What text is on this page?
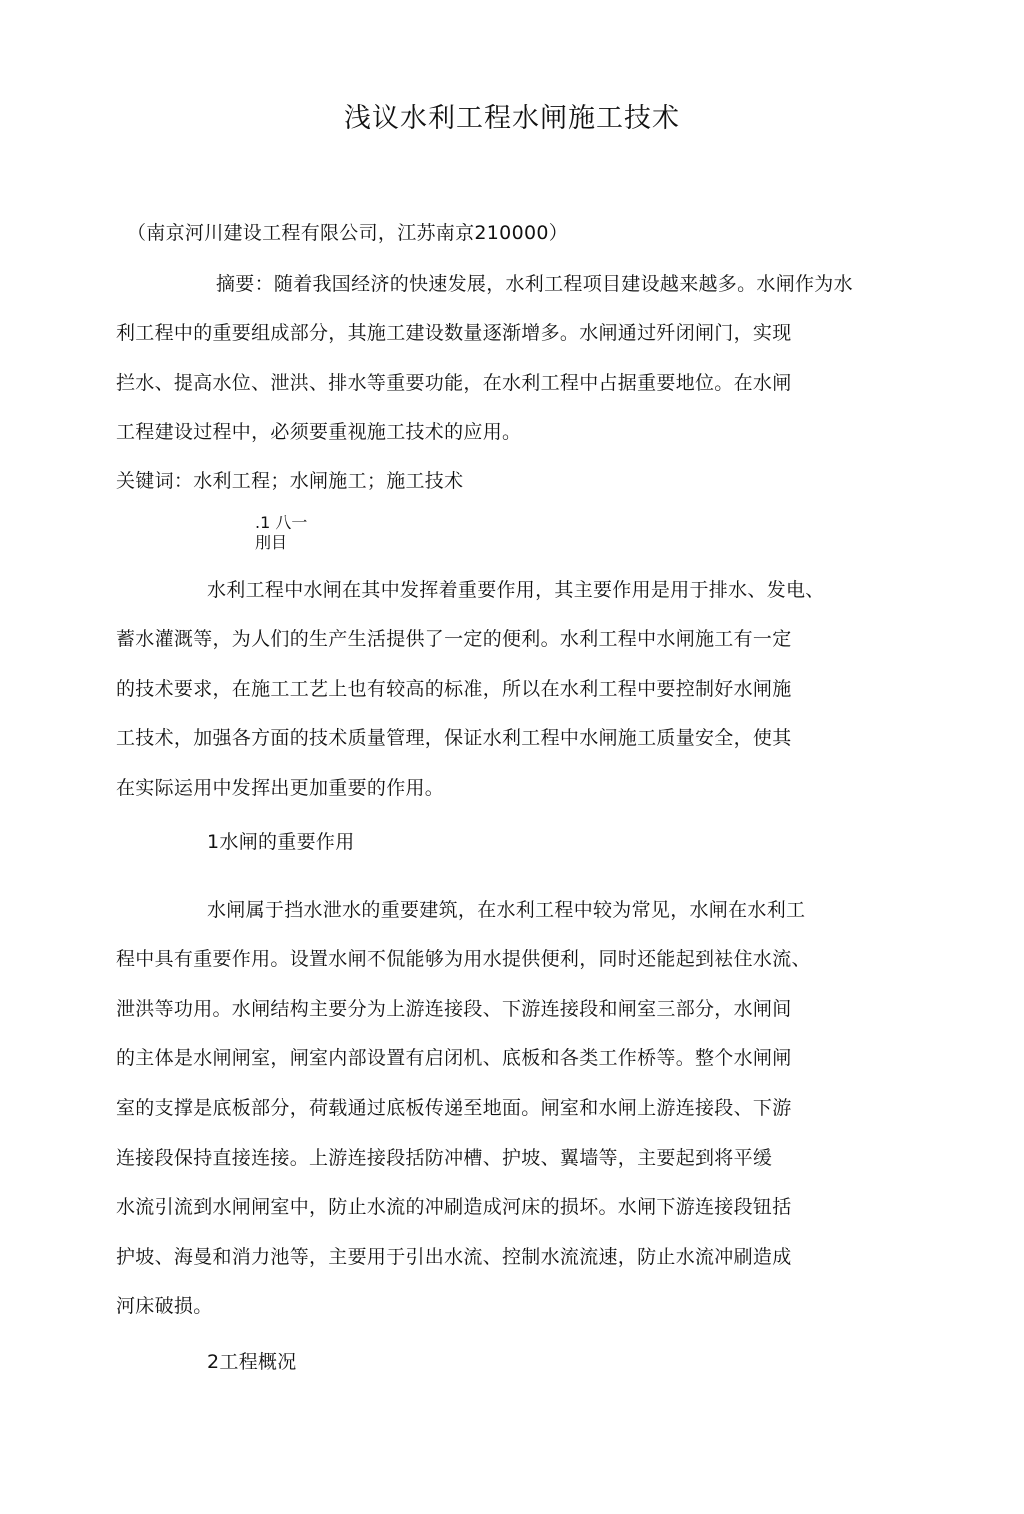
浅议水利工程水闸施工技术
（南京河川建设工程有限公司，江苏南京210000）
摘要：随着我国经济的快速发展，水利工程项目建设越来越多。水闸作为水
利工程中的重要组成部分，其施工建设数量逐渐增多。水闸通过歼闭闸门，实现
拦水、提高水位、泄洪、排水等重要功能，在水利工程中占据重要地位。在水闸
工程建设过程中，必须要重视施工技术的应用。
关键词：水利工程；水闸施工；施工技术
.1 八一
刖目
水利工程中水闸在其中发挥着重要作用，其主要作用是用于排水、发电、
蓄水灌溉等，为人们的生产生活提供了一定的便利。水利工程中水闸施工有一定
的技术要求，在施工工艺上也有较高的标准，所以在水利工程中要控制好水闸施
工技术，加强各方面的技术质量管理，保证水利工程中水闸施工质量安全，使其
在实际运用中发挥出更加重要的作用。
1水闸的重要作用
水闸属于挡水泄水的重要建筑，在水利工程中较为常见，水闸在水利工
程中具有重要作用。设置水闸不侃能够为用水提供便利，同时还能起到袪住水流、
泄洪等功用。水闸结构主要分为上游连接段、下游连接段和闸室三部分，水闸间
的主体是水闸闸室，闸室内部设置有启闭机、底板和各类工作桥等。整个水闸闸
室的支撑是底板部分，荷载通过底板传递至地面。闸室和水闸上游连接段、下游
连接段保持直接连接。上游连接段括防冲槽、护坡、翼墙等，主要起到将平缓
水流引流到水闸闸室中，防止水流的冲刷造成河床的损坏。水闸下游连接段钮括
护坡、海曼和消力池等，主要用于引出水流、控制水流流速，防止水流冲刷造成
河床破损。
2工程概况
